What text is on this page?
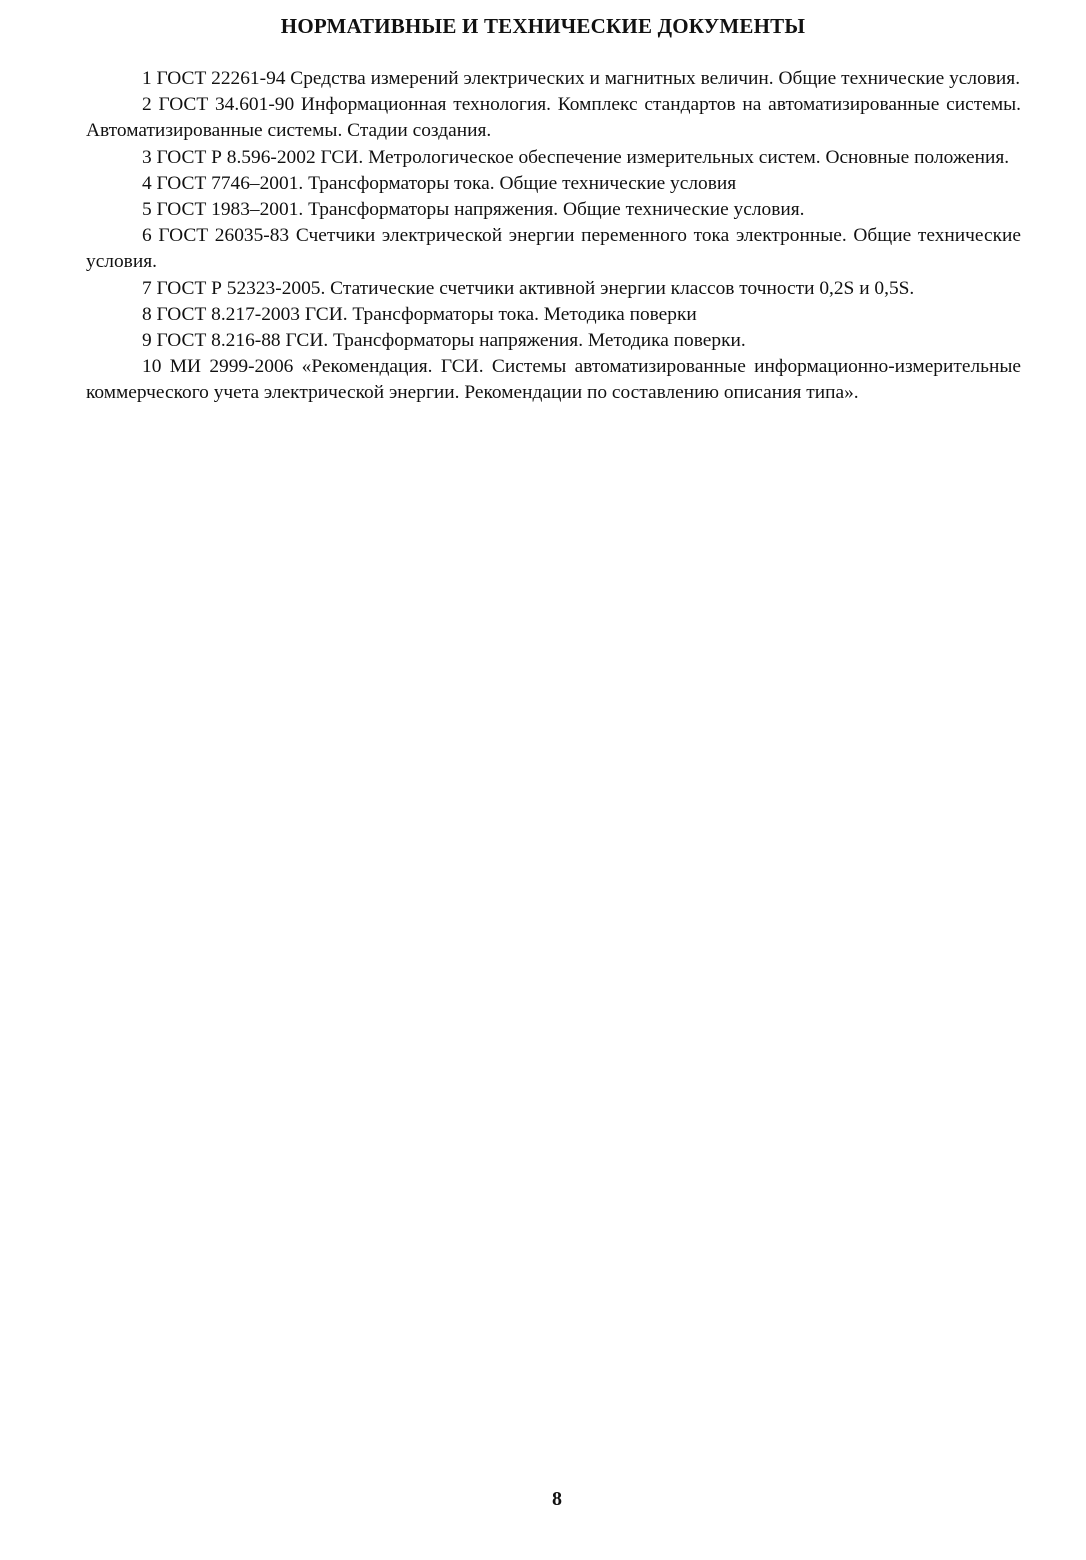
НОРМАТИВНЫЕ И ТЕХНИЧЕСКИЕ ДОКУМЕНТЫ

1 ГОСТ 22261-94 Средства измерений электрических и магнитных величин. Общие технические условия.

2 ГОСТ 34.601-90 Информационная технология. Комплекс стандартов на автоматизированные системы. Автоматизированные системы. Стадии создания.

3 ГОСТ Р 8.596-2002 ГСИ. Метрологическое обеспечение измерительных систем. Основные положения.

4 ГОСТ 7746–2001. Трансформаторы тока. Общие технические условия

5 ГОСТ 1983–2001. Трансформаторы напряжения. Общие технические условия.

6 ГОСТ 26035-83 Счетчики электрической энергии переменного тока электронные. Общие технические условия.

7 ГОСТ Р 52323-2005. Статические счетчики активной энергии классов точности 0,2S и 0,5S.

8 ГОСТ 8.217-2003 ГСИ. Трансформаторы тока. Методика поверки

9 ГОСТ 8.216-88 ГСИ. Трансформаторы напряжения. Методика поверки.

10 МИ 2999-2006 «Рекомендация. ГСИ. Системы автоматизированные информационно-измерительные коммерческого учета электрической энергии. Рекомендации по составлению описания типа».

8
